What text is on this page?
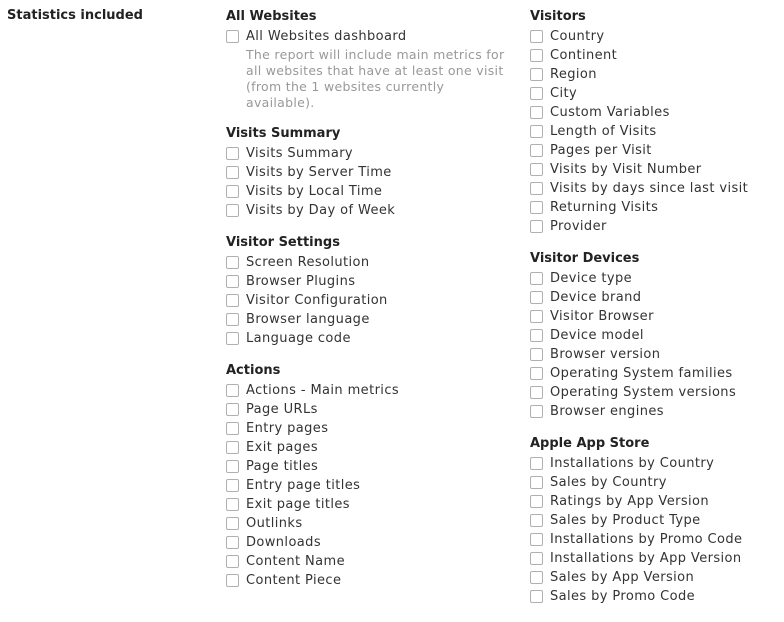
Statistics included	All Websites
All Websites dashboard
The report will include main metrics for all websites that have at least one visit (from the 1 websites currently available).
Visits Summary
Visits Summary
Visits by Server Time
Visits by Local Time
Visits by Day of Week
Visitor Settings
Screen Resolution
Browser Plugins
Visitor Configuration
Browser language
Language code
Actions
Actions - Main metrics
Page URLs
Entry pages
Exit pages
Page titles
Entry page titles
Exit page titles
Outlinks
Downloads
Content Name
Content Piece
Visitors
Country
Continent
Region
City
Custom Variables
Length of Visits
Pages per Visit
Visits by Visit Number
Visits by days since last visit
Returning Visits
Provider
Visitor Devices
Device type
Device brand
Visitor Browser
Device model
Browser version
Operating System families
Operating System versions
Browser engines
Apple App Store
Installations by Country
Sales by Country
Ratings by App Version
Sales by Product Type
Installations by Promo Code
Installations by App Version
Sales by App Version
Sales by Promo Code
